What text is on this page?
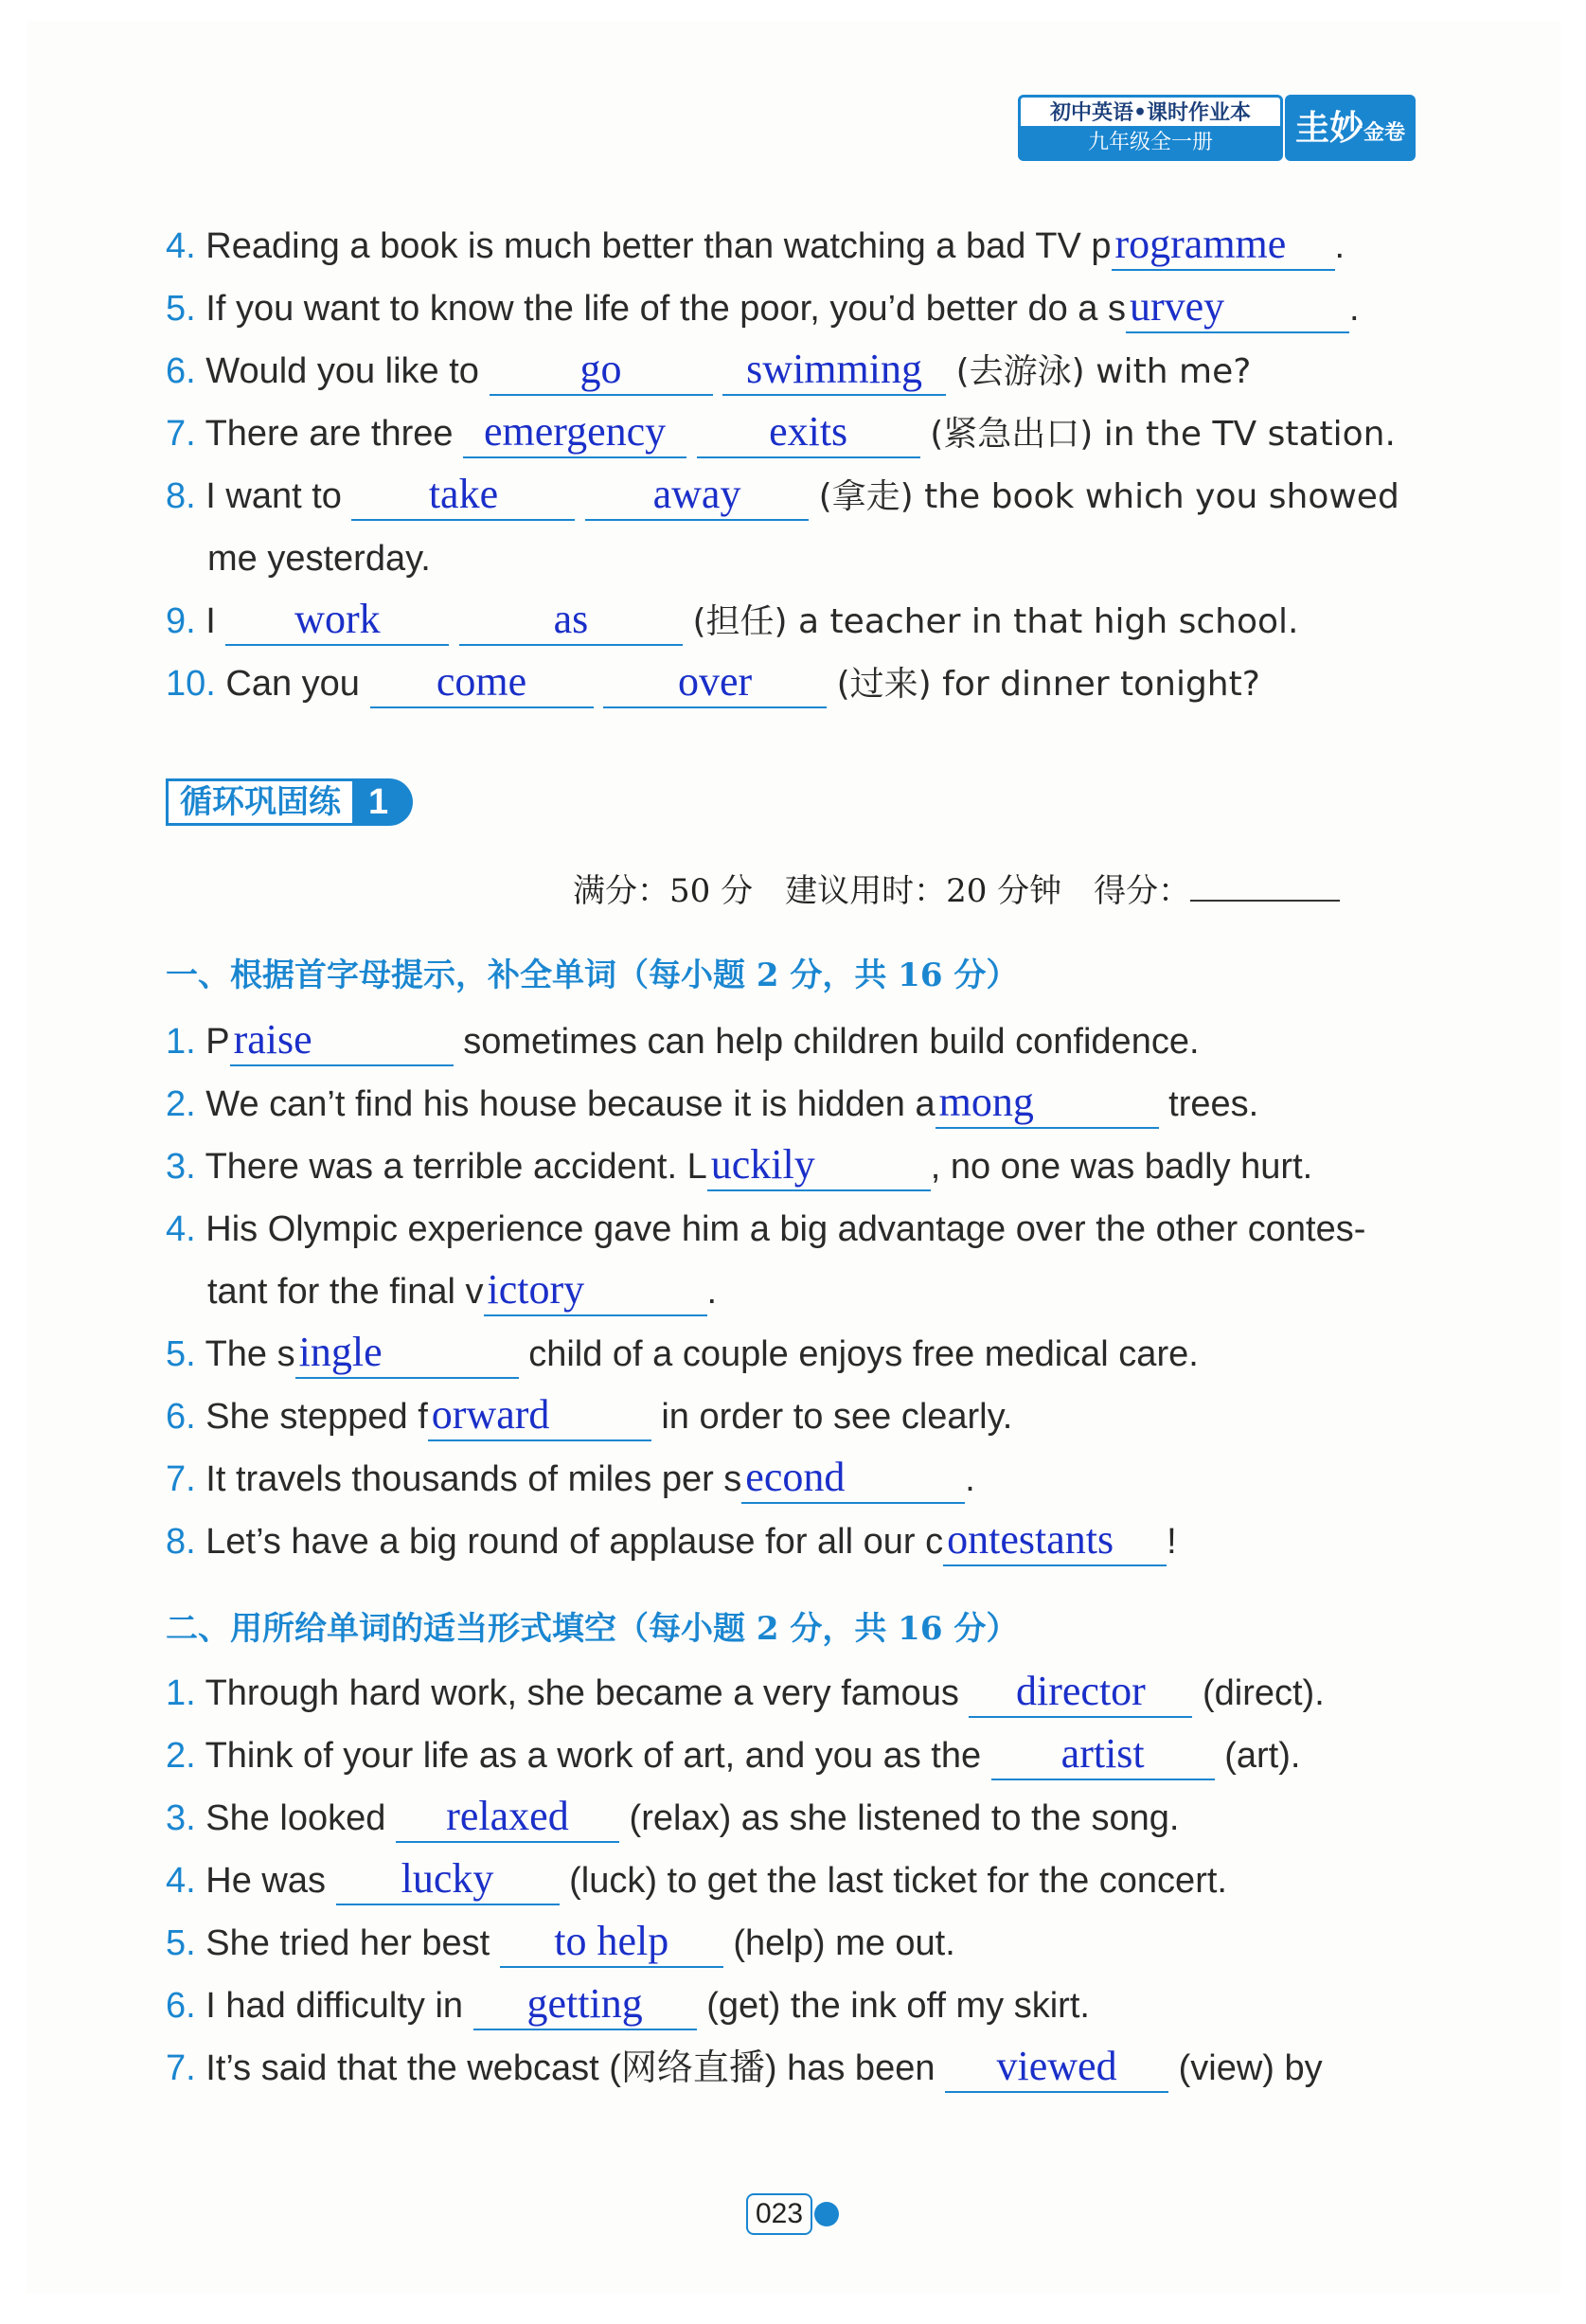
初中英语•课时作业本
九年级全一册	圭妙金卷
4. Reading a book is much better than watching a bad TV programme .
5. If you want to know the life of the poor, you’d better do a survey	.
6. Would you like to go	swimming (去游泳) with me?
7. There are three emergency exits (紧急出口) in the TV station.
8. I want to take	away (拿走) the book which you showed
me yesterday.
9. I work	as	(担任) a teacher in that high school.
10. Can you come	over (过来) for dinner tonight?
循环巩固练 1
满分：50 分　建议用时：20 分钟　得分：
一、根据首字母提示，补全单词（每小题 2 分，共 16 分）
1. Praise	sometimes can help children build confidence.
2. We can’t find his house because it is hidden among	trees.
3. There was a terrible accident. Luckily	, no one was badly hurt.
4. His Olympic experience gave him a big advantage over the other contes-
tant for the final victory	.
5. The single	child of a couple enjoys free medical care.
6. She stepped forward	in order to see clearly.
7. It travels thousands of miles per second	.
8. Let’s have a big round of applause for all our contestants !
二、用所给单词的适当形式填空（每小题 2 分，共 16 分）
1. Through hard work, she became a very famous director (direct).
2. Think of your life as a work of art, and you as the artist (art).
3. She looked relaxed (relax) as she listened to the song.
4. He was lucky (luck) to get the last ticket for the concert.
5. She tried her best to help (help) me out.
6. I had difficulty in getting (get) the ink off my skirt.
7. It’s said that the webcast (网络直播) has been viewed (view) by
023
